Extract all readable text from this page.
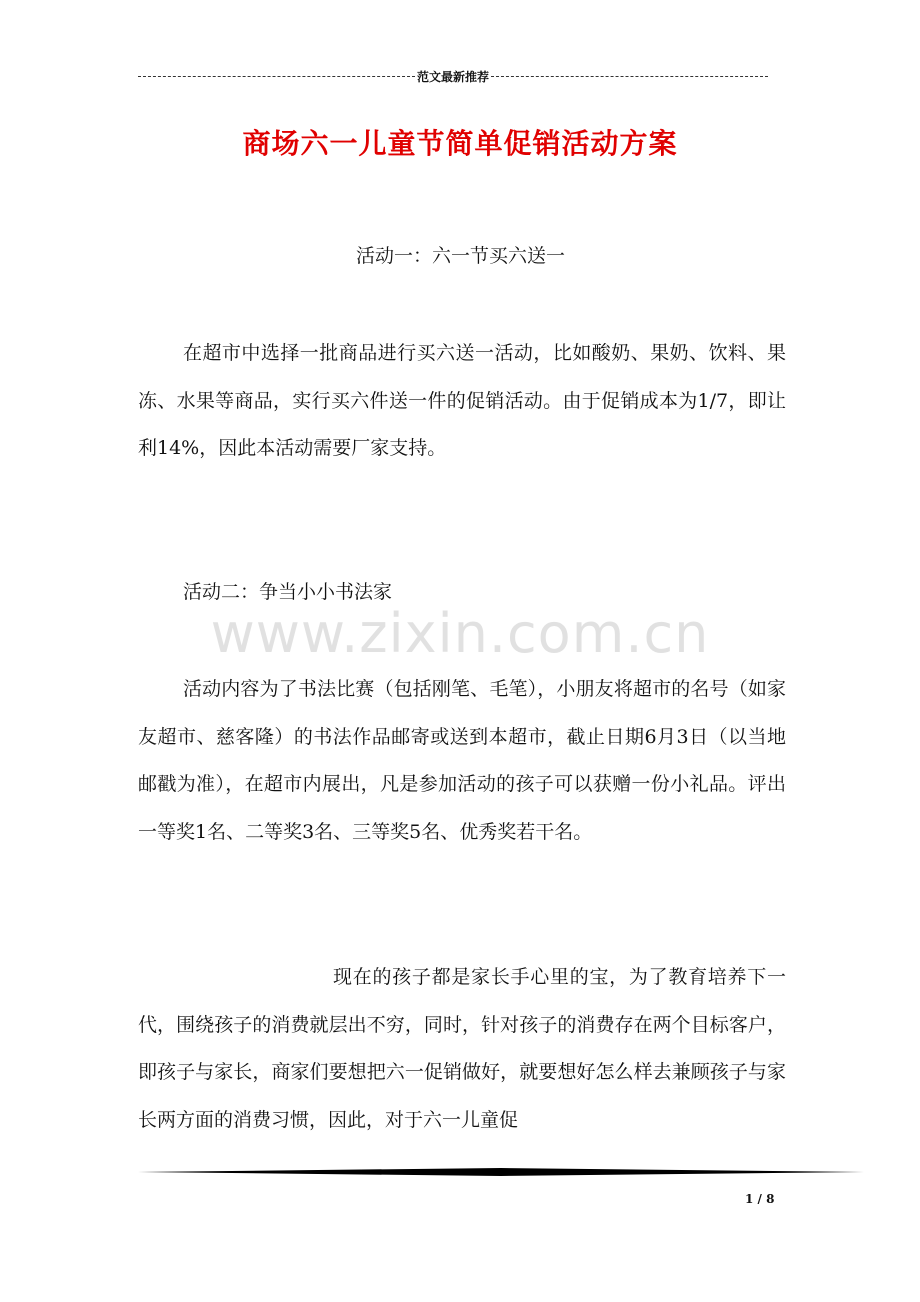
范文最新推荐
商场六一儿童节简单促销活动方案
活动一：六一节买六送一
在超市中选择一批商品进行买六送一活动，比如酸奶、果奶、饮料、果冻、水果等商品，实行买六件送一件的促销活动。由于促销成本为1/7，即让利14%，因此本活动需要厂家支持。
活动二：争当小小书法家
www.zixin.com.cn
活动内容为了书法比赛（包括刚笔、毛笔），小朋友将超市的名号（如家友超市、慈客隆）的书法作品邮寄或送到本超市，截止日期6月3日（以当地邮戳为准），在超市内展出，凡是参加活动的孩子可以获赠一份小礼品。评出一等奖1名、二等奖3名、三等奖5名、优秀奖若干名。
现在的孩子都是家长手心里的宝，为了教育培养下一代，围绕孩子的消费就层出不穷，同时，针对孩子的消费存在两个目标客户，即孩子与家长，商家们要想把六一促销做好，就要想好怎么样去兼顾孩子与家长两方面的消费习惯，因此，对于六一儿童促
1 / 8
